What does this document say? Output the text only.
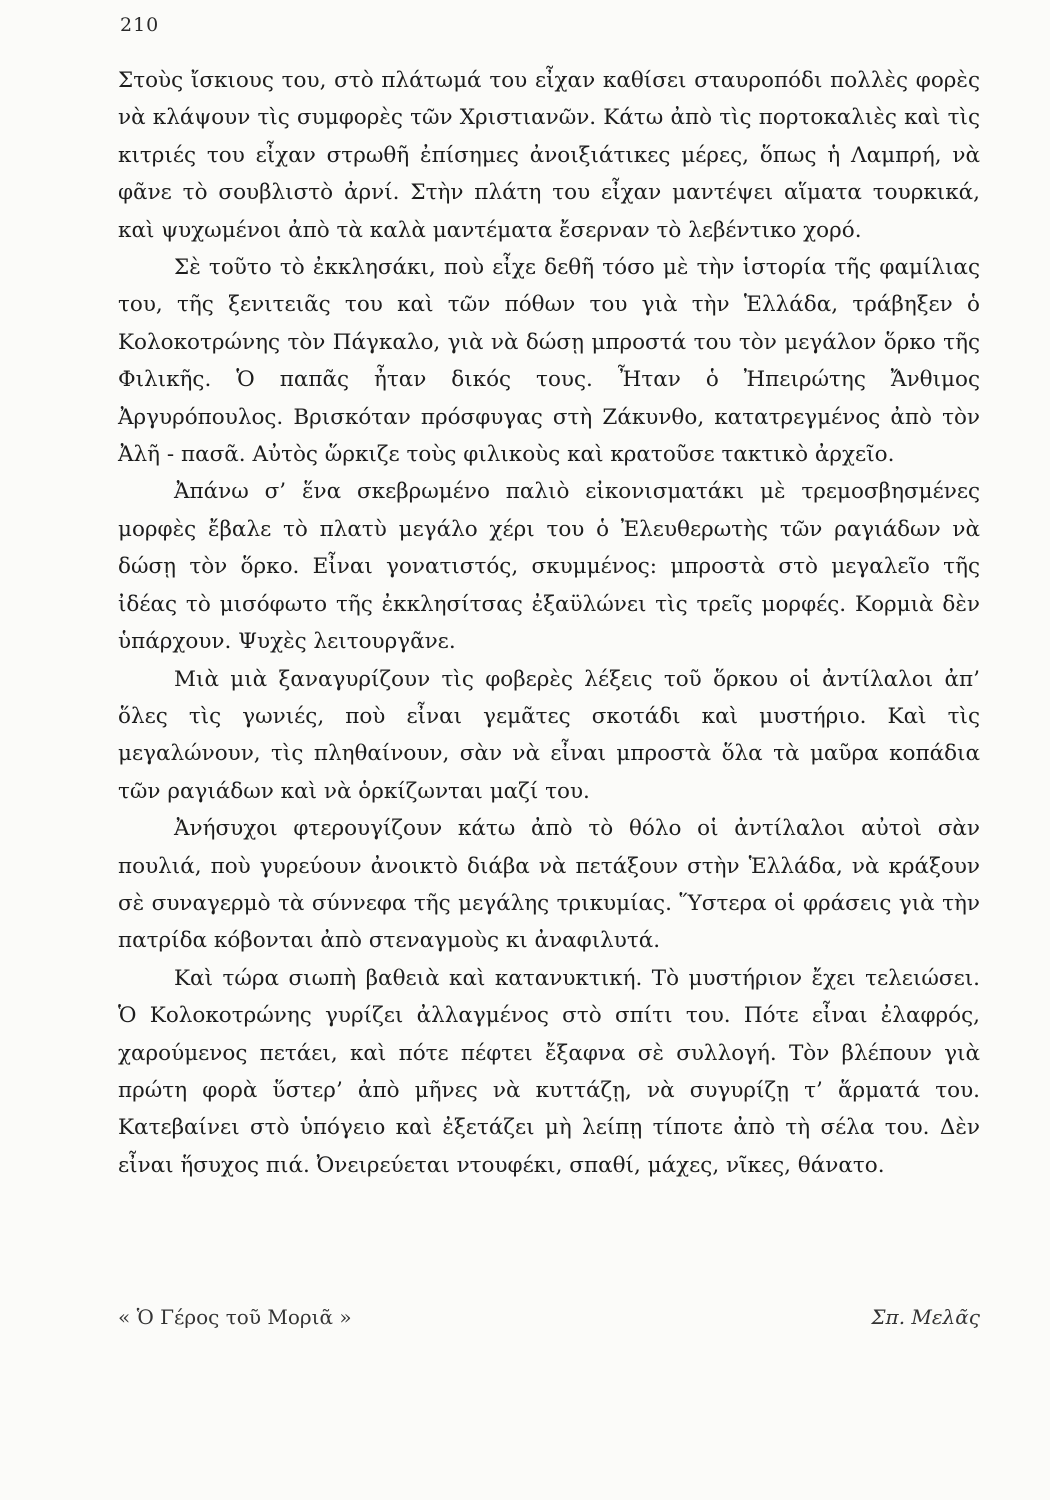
210

Στοὺς ἴσκιους του, στὸ πλάτωμά του εἶχαν καθίσει σταυροπόδι πολλὲς φορὲς νὰ κλάψουν τὶς συμφορὲς τῶν Χριστιανῶν. Κάτω ἀπὸ τὶς πορτοκαλιὲς καὶ τὶς κιτριές του εἶχαν στρωθῆ ἐπίσημες ἀνοιξιάτικες μέρες, ὅπως ἡ Λαμπρή, νὰ φᾶνε τὸ σουβλιστὸ ἀρνί. Στὴν πλάτη του εἶχαν μαντέψει αἵματα τουρκικά, καὶ ψυχωμένοι ἀπὸ τὰ καλὰ μαντέματα ἔσερναν τὸ λεβέντικο χορό.

Σὲ τοῦτο τὸ ἐκκλησάκι, ποὺ εἶχε δεθῆ τόσο μὲ τὴν ἱστορία τῆς φαμίλιας του, τῆς ξενιτειᾶς του καὶ τῶν πόθων του γιὰ τὴν Ἑλλάδα, τράβηξεν ὁ Κολοκοτρώνης τὸν Πάγκαλο, γιὰ νὰ δώσῃ μπροστά του τὸν μεγάλον ὅρκο τῆς Φιλικῆς. Ὁ παπᾶς ἦταν δικός τους. Ἦταν ὁ Ἠπειρώτης Ἄνθιμος Ἀργυρόπουλος. Βρισκόταν πρόσφυγας στὴ Ζάκυνθο, κατατρεγμένος ἀπὸ τὸν Ἀλῆ - πασᾶ. Αὐτὸς ὥρκιζε τοὺς φιλικοὺς καὶ κρατοῦσε τακτικὸ ἀρχεῖο.

Ἀπάνω σ’ ἕνα σκεβρωμένο παλιὸ εἰκονισματάκι μὲ τρεμοσβησμένες μορφὲς ἔβαλε τὸ πλατὺ μεγάλο χέρι του ὁ Ἐλευθερωτὴς τῶν ραγιάδων νὰ δώσῃ τὸν ὅρκο. Εἶναι γονατιστός, σκυμμένος: μπροστὰ στὸ μεγαλεῖο τῆς ἰδέας τὸ μισόφωτο τῆς ἐκκλησίτσας ἐξαϋλώνει τὶς τρεῖς μορφές. Κορμιὰ δὲν ὑπάρχουν. Ψυχὲς λειτουργᾶνε.

Μιὰ μιὰ ξαναγυρίζουν τὶς φοβερὲς λέξεις τοῦ ὅρκου οἱ ἀντίλαλοι ἀπ’ ὅλες τὶς γωνιές, ποὺ εἶναι γεμᾶτες σκοτάδι καὶ μυστήριο. Καὶ τὶς μεγαλώνουν, τὶς πληθαίνουν, σὰν νὰ εἶναι μπροστὰ ὅλα τὰ μαῦρα κοπάδια τῶν ραγιάδων καὶ νὰ ὁρκίζωνται μαζί του.

Ἀνήσυχοι φτερουγίζουν κάτω ἀπὸ τὸ θόλο οἱ ἀντίλαλοι αὐτοὶ σὰν πουλιά, ποὺ γυρεύουν ἀνοικτὸ διάβα νὰ πετάξουν στὴν Ἑλλάδα, νὰ κράξουν σὲ συναγερμὸ τὰ σύννεφα τῆς μεγάλης τρικυμίας. Ὕστερα οἱ φράσεις γιὰ τὴν πατρίδα κόβονται ἀπὸ στεναγμοὺς κι ἀναφιλυτά.

Καὶ τώρα σιωπὴ βαθειὰ καὶ κατανυκτική. Τὸ μυστήριον ἔχει τελειώσει. Ὁ Κολοκοτρώνης γυρίζει ἀλλαγμένος στὸ σπίτι του. Πότε εἶναι ἐλαφρός, χαρούμενος πετάει, καὶ πότε πέφτει ἔξαφνα σὲ συλλογή. Τὸν βλέπουν γιὰ πρώτη φορὰ ὕστερ’ ἀπὸ μῆνες νὰ κυττάζῃ, νὰ συγυρίζῃ τ’ ἅρματά του. Κατεβαίνει στὸ ὑπόγειο καὶ ἐξετάζει μὴ λείπῃ τίποτε ἀπὸ τὴ σέλα του. Δὲν εἶναι ἥσυχος πιά. Ὀνειρεύεται ντουφέκι, σπαθί, μάχες, νῖκες, θάνατο.

« Ὁ Γέρος τοῦ Μοριᾶ »	Σπ. Μελᾶς
